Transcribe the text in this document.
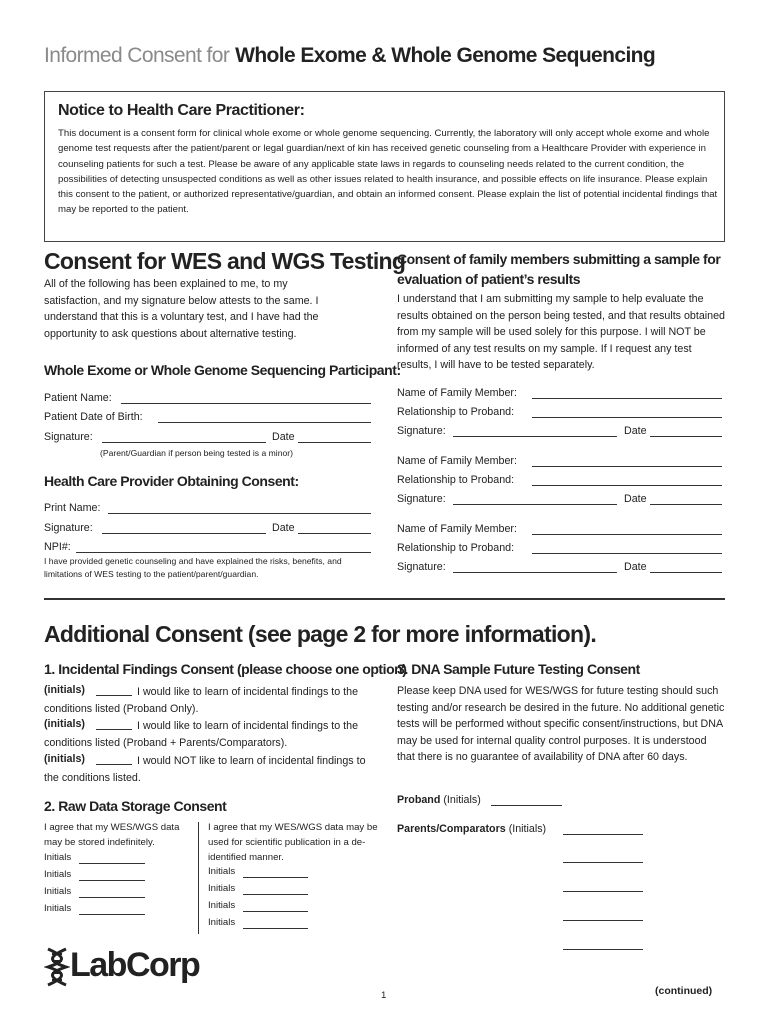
Informed Consent for Whole Exome & Whole Genome Sequencing
Notice to Health Care Practitioner:
This document is a consent form for clinical whole exome or whole genome sequencing. Currently, the laboratory will only accept whole exome and whole genome test requests after the patient/parent or legal guardian/next of kin has received genetic counseling from a Healthcare Provider with experience in counseling patients for such a test. Please be aware of any applicable state laws in regards to counseling needs related to the current condition, the possibilities of detecting unsuspected conditions as well as other issues related to health insurance, and possible effects on life insurance. Please explain this consent to the patient, or authorized representative/guardian, and obtain an informed consent. Please explain the list of potential incidental findings that may be reported to the patient.
Consent for WES and WGS Testing
All of the following has been explained to me, to my satisfaction, and my signature below attests to the same. I understand that this is a voluntary test, and I have had the opportunity to ask questions about alternative testing.
Whole Exome or Whole Genome Sequencing Participant:
Patient Name:
Patient Date of Birth:
Signature:	Date
(Parent/Guardian if person being tested is a minor)
Health Care Provider Obtaining Consent:
Print Name:
Signature:	Date
NPI#:
I have provided genetic counseling and have explained the risks, benefits, and limitations of WES testing to the patient/parent/guardian.
Consent of family members submitting a sample for evaluation of patient’s results
I understand that I am submitting my sample to help evaluate the results obtained on the person being tested, and that results obtained from my sample will be used solely for this purpose. I will NOT be informed of any test results on my sample. If I request any test results, I will have to be tested separately.
Name of Family Member:
Relationship to Proband:
Signature:	Date
Name of Family Member:
Relationship to Proband:
Signature:	Date
Name of Family Member:
Relationship to Proband:
Signature:	Date
Additional Consent (see page 2 for more information).
1. Incidental Findings Consent (please choose one option)
(initials)	I would like to learn of incidental findings to the conditions listed (Proband Only).
(initials)	I would like to learn of incidental findings to the conditions listed (Proband + Parents/Comparators).
(initials)	I would NOT like to learn of incidental findings to the conditions listed.
2. Raw Data Storage Consent
I agree that my WES/WGS data may be stored indefinitely.
Initials
Initials
Initials
Initials
I agree that my WES/WGS data may be used for scientific publication in a de-identified manner.
Initials
Initials
Initials
Initials
3. DNA Sample Future Testing Consent
Please keep DNA used for WES/WGS for future testing should such testing and/or research be desired in the future. No additional genetic tests will be performed without specific consent/instructions, but DNA may be used for internal quality control purposes. It is understood that there is no guarantee of availability of DNA after 60 days.
Proband (Initials)
Parents/Comparators (Initials)
LabCorp
1	(continued)
